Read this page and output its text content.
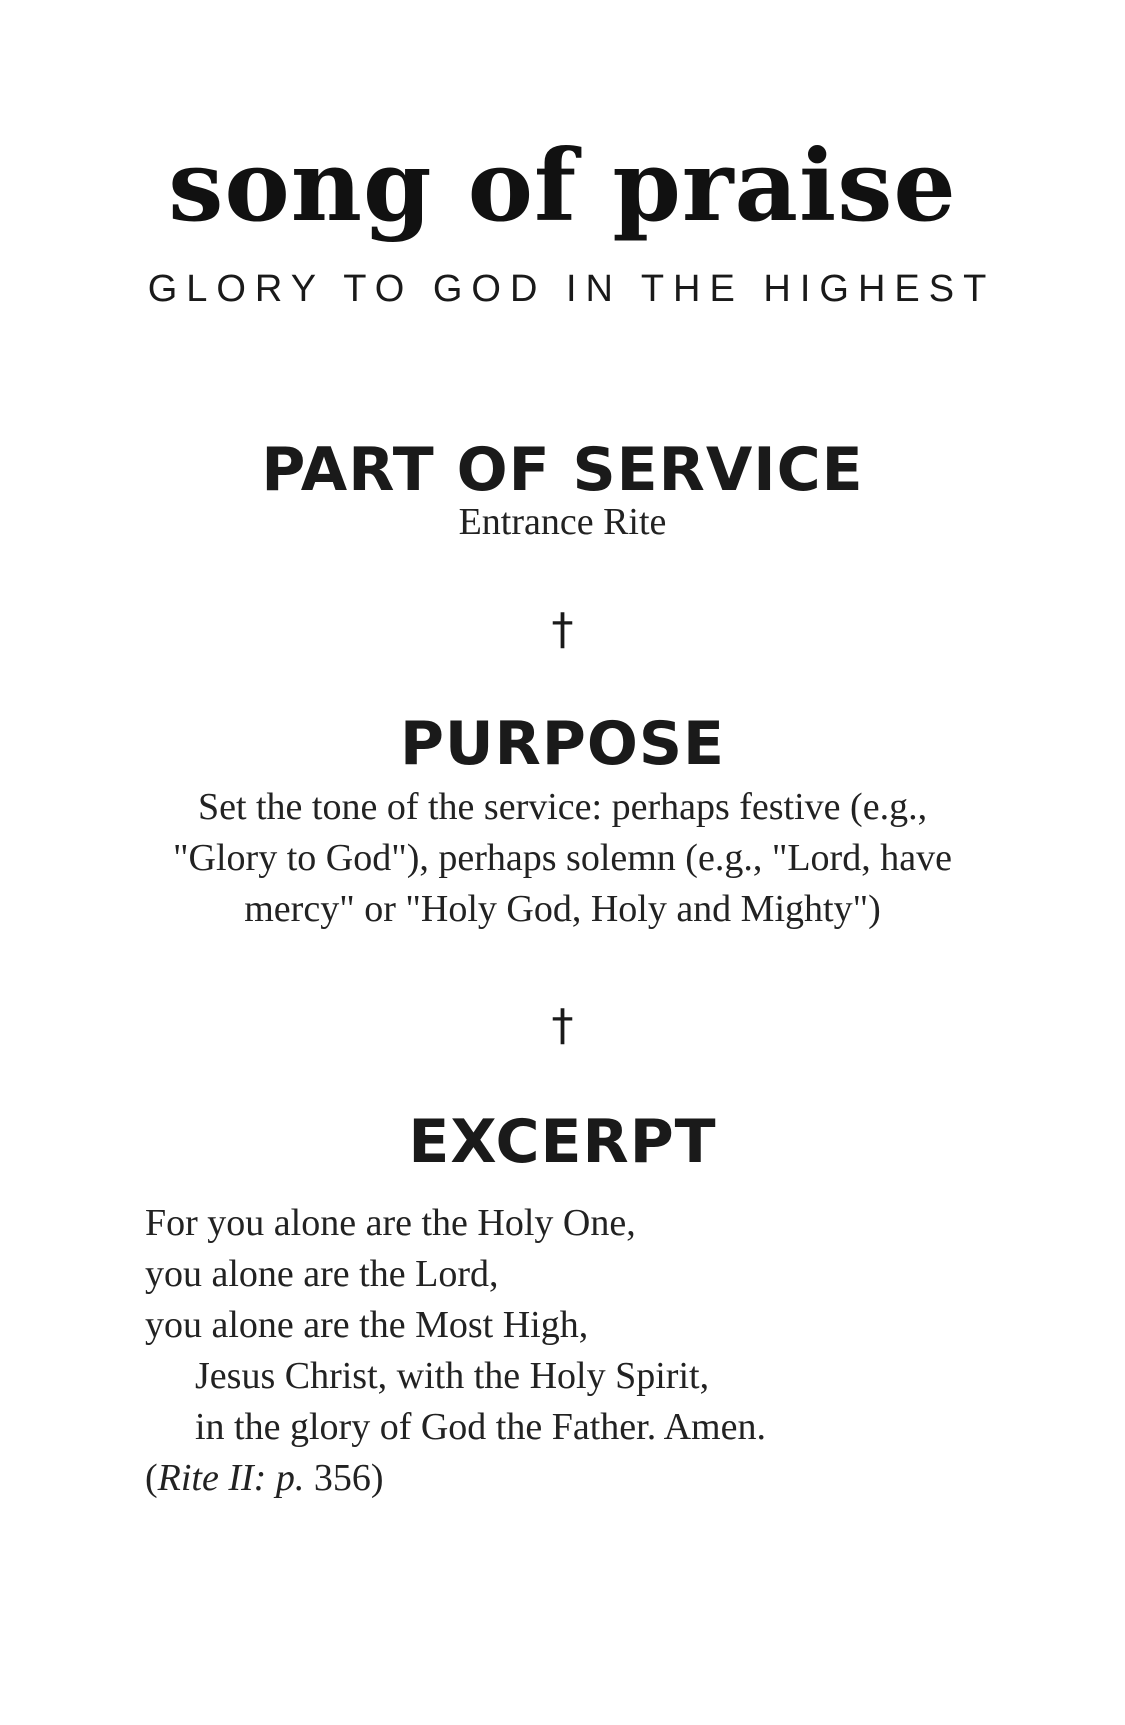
song of praise
GLORY TO GOD IN THE HIGHEST
PART OF SERVICE
Entrance Rite
†
PURPOSE
Set the tone of the service: perhaps festive (e.g.,
"Glory to God"), perhaps solemn (e.g., "Lord, have
mercy" or "Holy God, Holy and Mighty")
†
EXCERPT
For you alone are the Holy One,
you alone are the Lord,
you alone are the Most High,
Jesus Christ, with the Holy Spirit,
in the glory of God the Father. Amen.
(Rite II: p. 356)
